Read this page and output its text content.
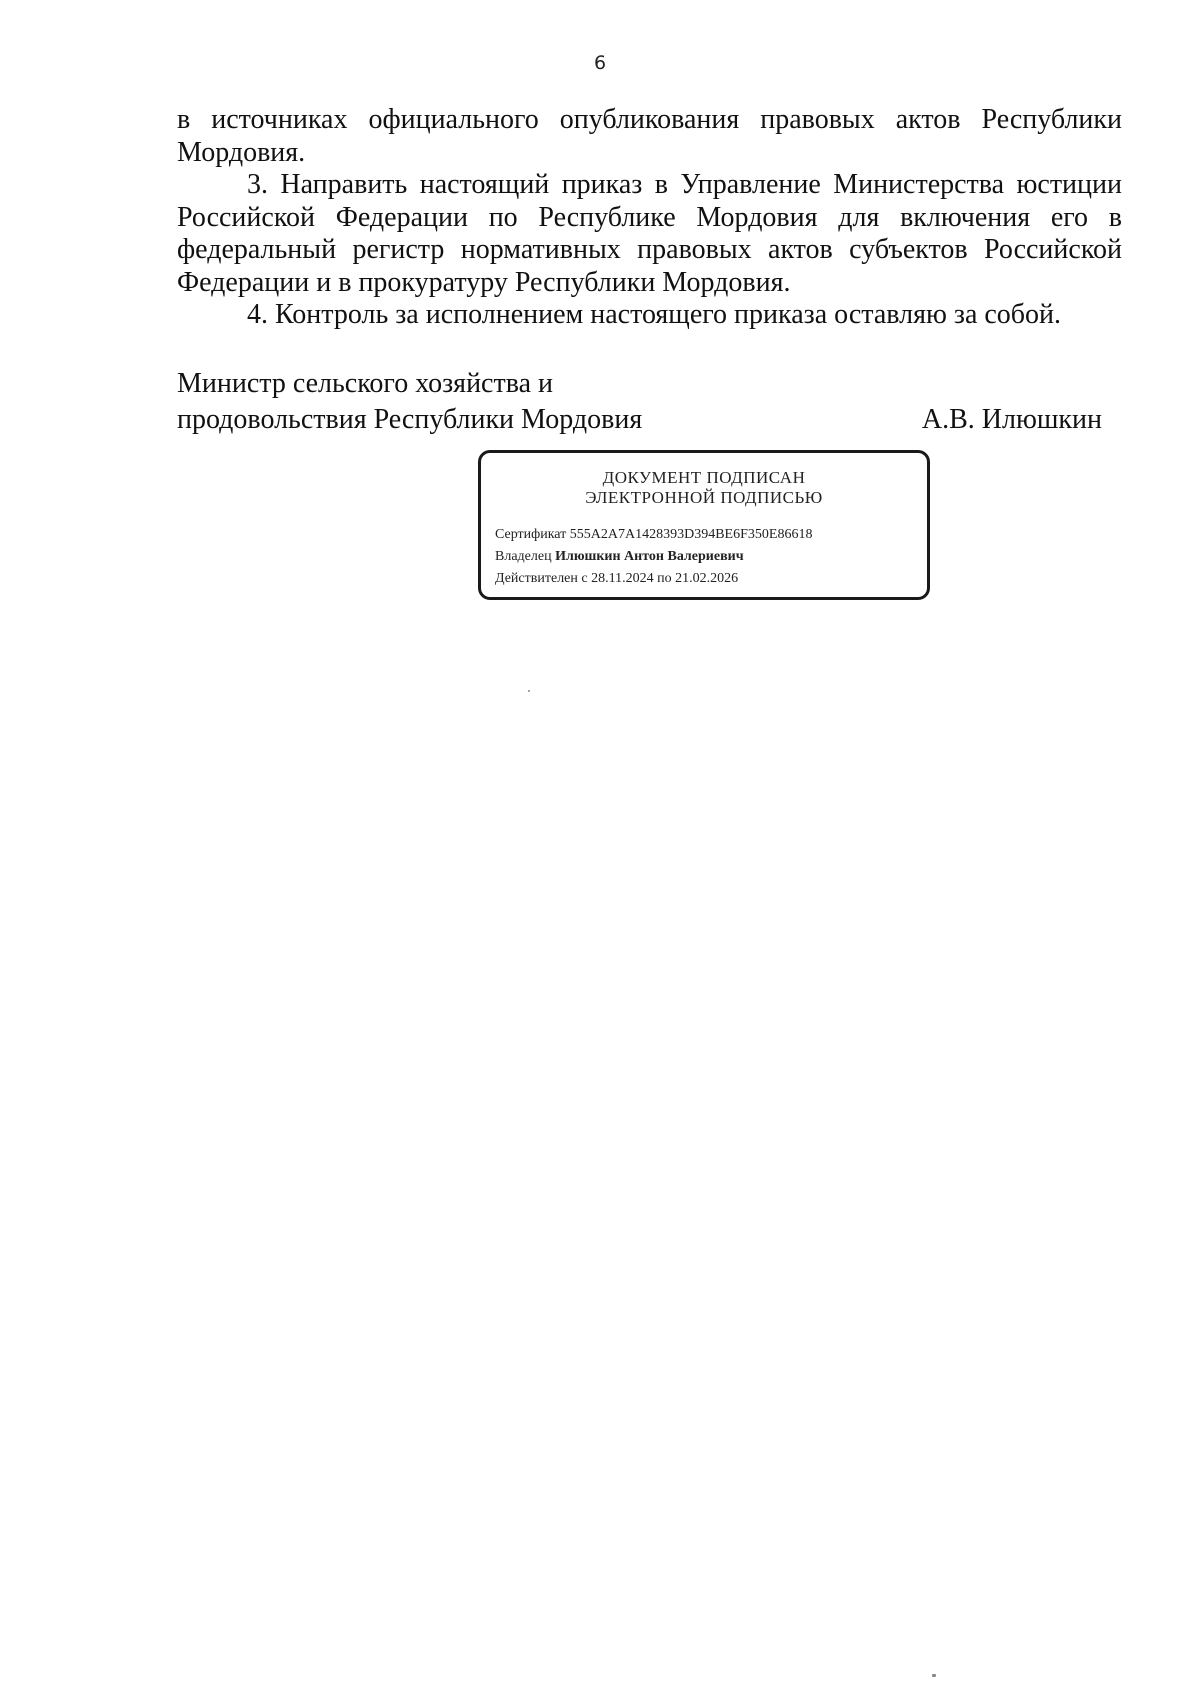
6

в источниках официального опубликования правовых актов Республики Мордовия.

3. Направить настоящий приказ в Управление Министерства юстиции Российской Федерации по Республике Мордовия для включения его в федеральный регистр нормативных правовых актов субъектов Российской Федерации и в прокуратуру Республики Мордовия.

4. Контроль за исполнением настоящего приказа оставляю за собой.

Министр сельского хозяйства и
продовольствия Республики Мордовия	А.В. Илюшкин
ДОКУМЕНТ ПОДПИСАН
ЭЛЕКТРОННОЙ ПОДПИСЬЮ
Сертификат 555A2A7A1428393D394BE6F350E86618
Владелец Илюшкин Антон Валериевич
Действителен с 28.11.2024 по 21.02.2026
